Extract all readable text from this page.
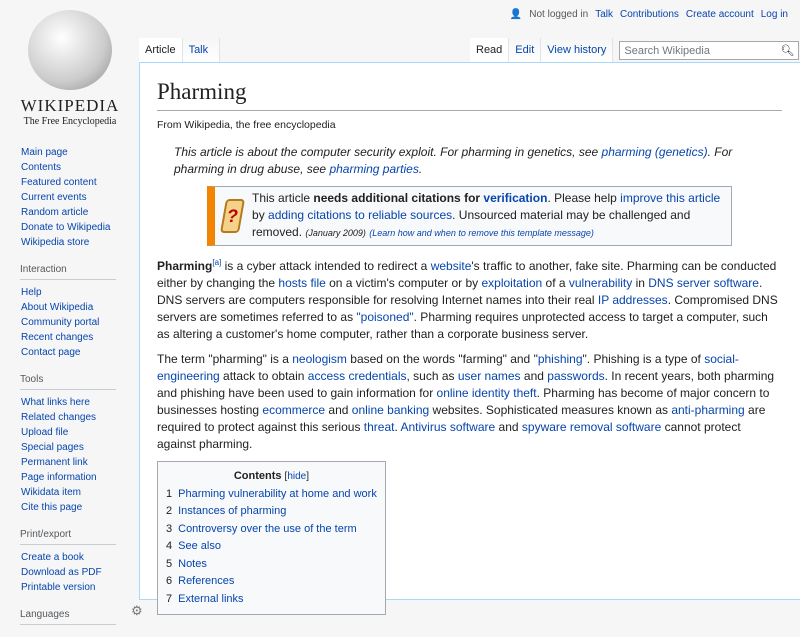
WIKIPEDIA
The Free Encyclopedia
👤 Not logged in Talk Contributions Create account Log in
Article	Talk	Read	Edit	View history	Search Wikipedia	🔍︎
Main page
Contents
Featured content
Current events
Random article
Donate to Wikipedia
Wikipedia store
Interaction
Help
About Wikipedia
Community portal
Recent changes
Contact page
Tools
What links here
Related changes
Upload file
Special pages
Permanent link
Page information
Wikidata item
Cite this page
Print/export
Create a book
Download as PDF
Printable version
Languages	⚙
Pharming
From Wikipedia, the free encyclopedia
This article is about the computer security exploit. For pharming in genetics, see pharming (genetics). For pharming in drug abuse, see pharming parties.
?
This article needs additional citations for verification. Please help improve this article by adding citations to reliable sources. Unsourced material may be challenged and removed. (January 2009) (Learn how and when to remove this template message)

Pharming[a] is a cyber attack intended to redirect a website's traffic to another, fake site. Pharming can be conducted either by changing the hosts file on a victim's computer or by exploitation of a vulnerability in DNS server software. DNS servers are computers responsible for resolving Internet names into their real IP addresses. Compromised DNS servers are sometimes referred to as "poisoned". Pharming requires unprotected access to target a computer, such as altering a customer's home computer, rather than a corporate business server.

The term "pharming" is a neologism based on the words "farming" and "phishing". Phishing is a type of social-engineering attack to obtain access credentials, such as user names and passwords. In recent years, both pharming and phishing have been used to gain information for online identity theft. Pharming has become of major concern to businesses hosting ecommerce and online banking websites. Sophisticated measures known as anti-pharming are required to protect against this serious threat. Antivirus software and spyware removal software cannot protect against pharming.

Contents [hide]
1 Pharming vulnerability at home and work
2 Instances of pharming
3 Controversy over the use of the term
4 See also
5 Notes
6 References
7 External links
